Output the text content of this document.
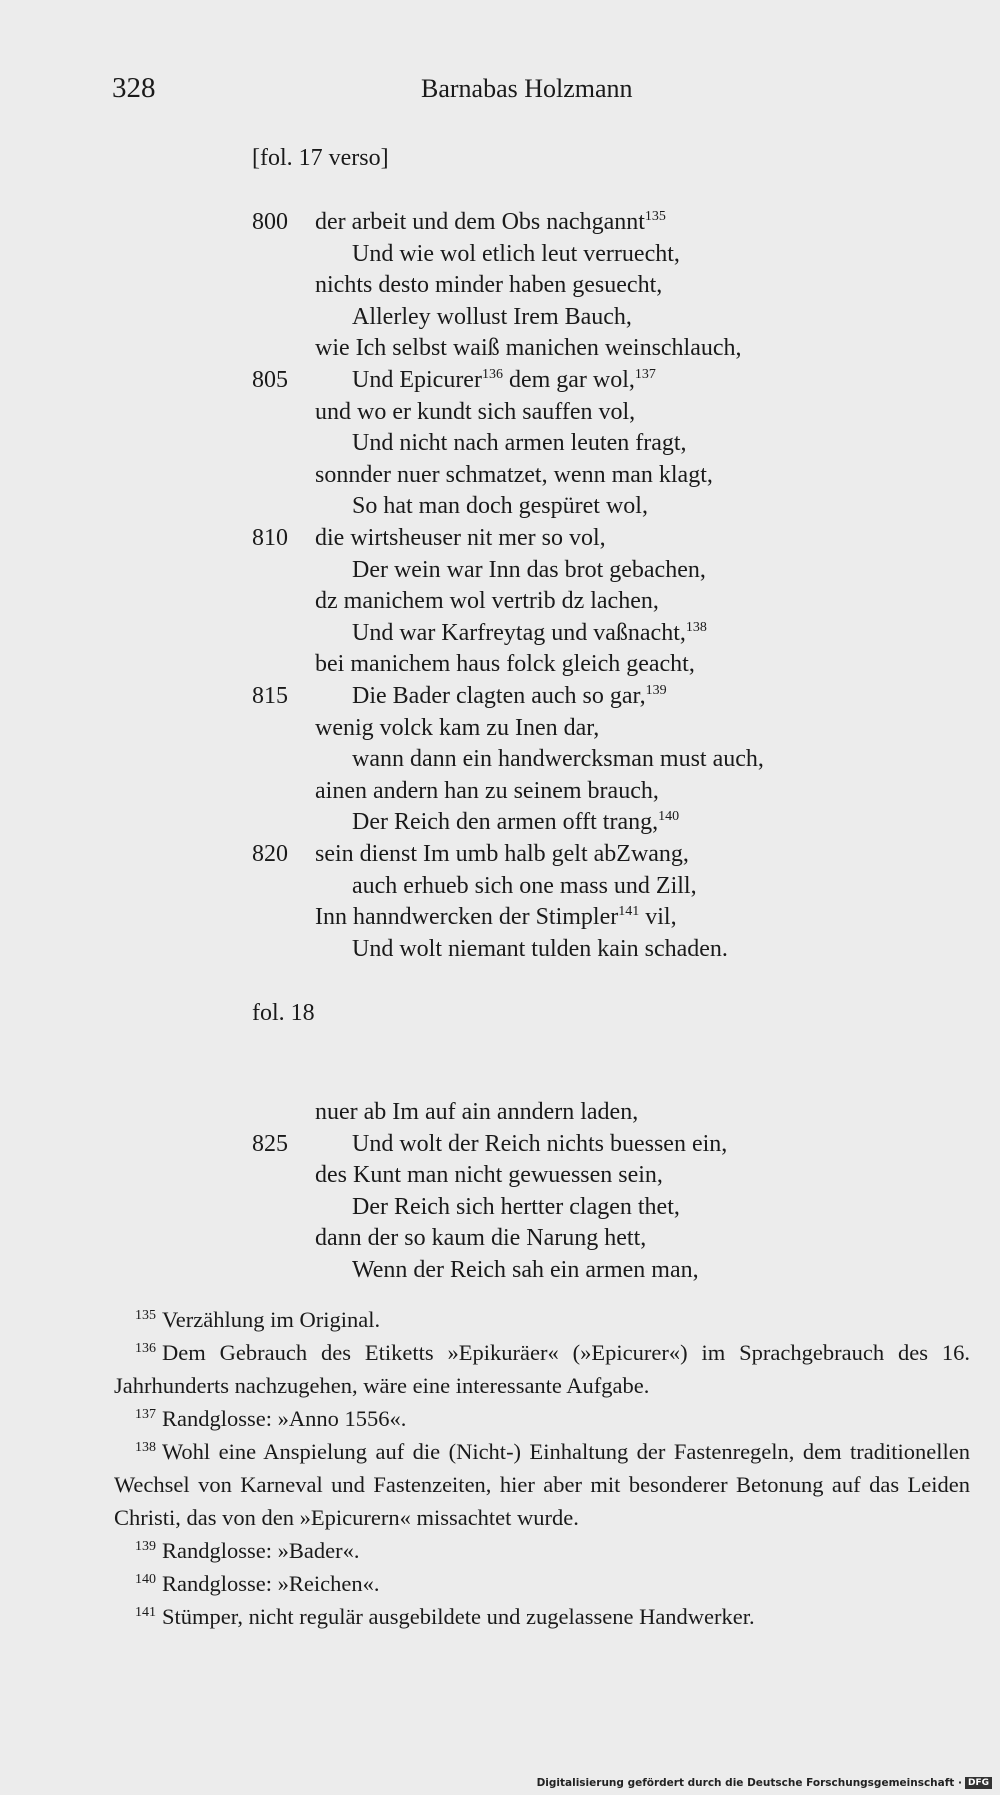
328	Barnabas Holzmann
[fol. 17 verso]
800 der arbeit und dem Obs nachgannt$^{135}$
Und wie wol etlich leut verruecht,
nichts desto minder haben gesuecht,
Allerley wollust Irem Bauch,
wie Ich selbst waiß manichen weinschlauch,
805	Und Epicurer$^{136}$ dem gar wol,$^{137}$
und wo er kundt sich sauffen vol,
Und nicht nach armen leuten fragt,
sonnder nuer schmatzet, wenn man klagt,
So hat man doch gespüret wol,
810 die wirtsheuser nit mer so vol,
Der wein war Inn das brot gebachen,
dz manichem wol vertrib dz lachen,
Und war Karfreytag und vaßnacht,$^{138}$
bei manichem haus folck gleich geacht,
815	Die Bader clagten auch so gar,$^{139}$
wenig volck kam zu Inen dar,
wann dann ein handwercksman must auch,
ainen andern han zu seinem brauch,
Der Reich den armen offt trang,$^{140}$
820 sein dienst Im umb halb gelt abZwang,
auch erhueb sich one mass und Zill,
Inn hanndwercken der Stimpler$^{141}$ vil,
Und wolt niemant tulden kain schaden.
nuer ab Im auf ain anndern laden,
825	Und wolt der Reich nichts buessen ein,
des Kunt man nicht gewuessen sein,
Der Reich sich hertter clagen thet,
dann der so kaum die Narung hett,
Wenn der Reich sah ein armen man,
fol. 18

$^{135}$ Verzählung im Original.

$^{136}$ Dem Gebrauch des Etiketts »Epikuräer« (»Epicurer«) im Sprachgebrauch des 16. Jahrhunderts nachzugehen, wäre eine interessante Aufgabe.

$^{137}$ Randglosse: »Anno 1556«.

$^{138}$ Wohl eine Anspielung auf die (Nicht-) Einhaltung der Fastenregeln, dem traditionellen Wechsel von Karneval und Fastenzeiten, hier aber mit besonderer Betonung auf das Leiden Christi, das von den »Epicurern« missachtet wurde.

$^{139}$ Randglosse: »Bader«.

$^{140}$ Randglosse: »Reichen«.

$^{141}$ Stümper, nicht regulär ausgebildete und zugelassene Handwerker.

Digitalisierung gefördert durch die Deutsche Forschungsgemeinschaft · DFG
